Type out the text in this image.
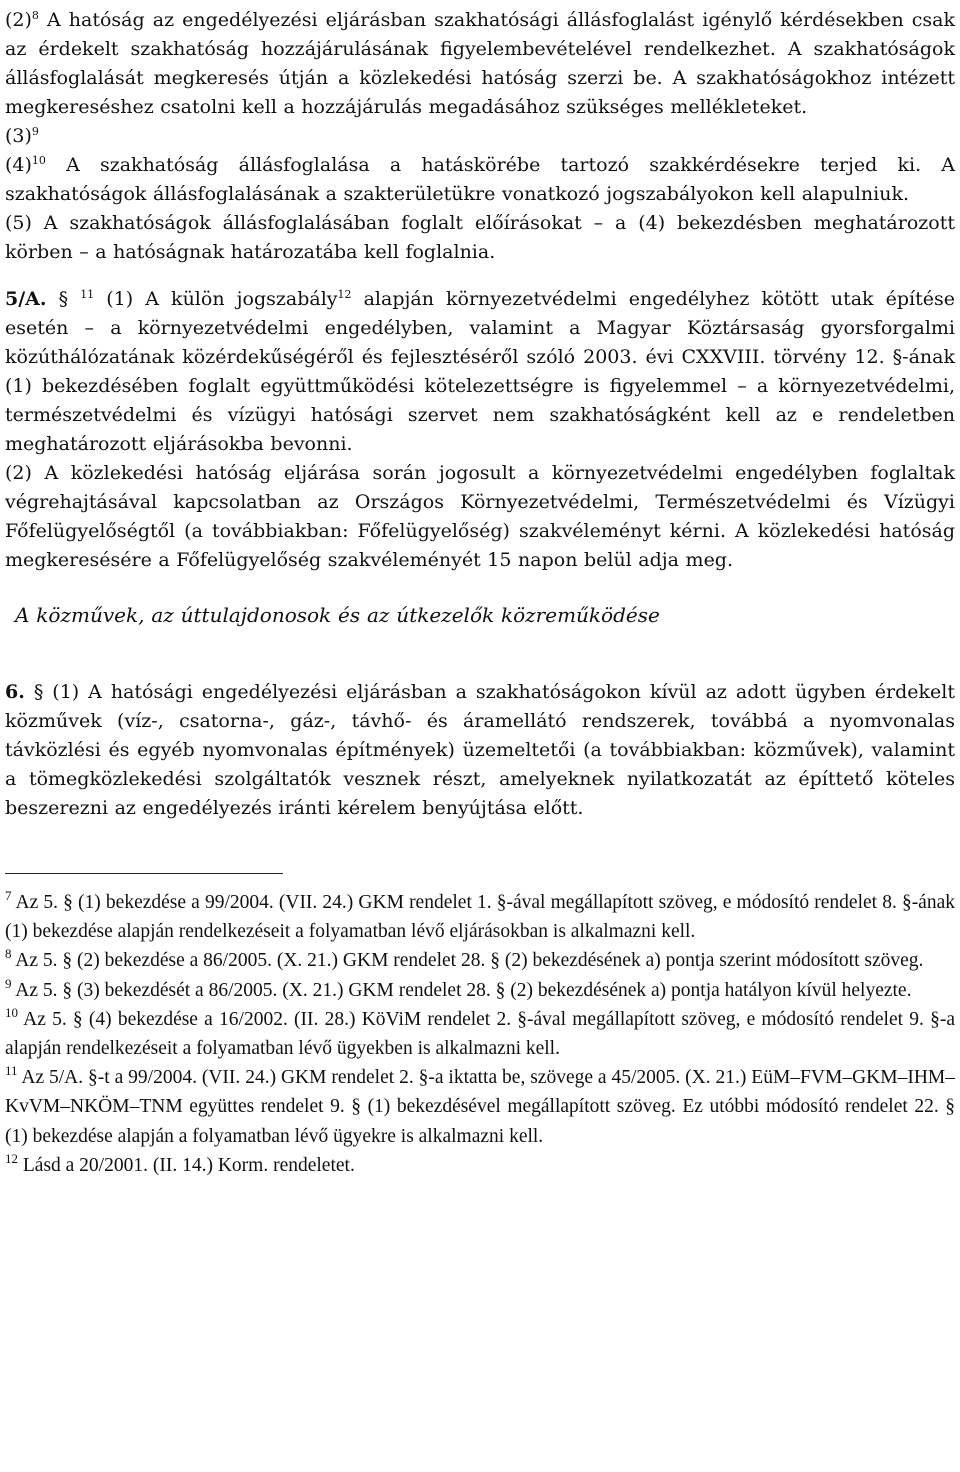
$(2)^8$ A hatóság az engedélyezési eljárásban szakhatósági állásfoglalást igénylő kérdésekben csak az érdekelt szakhatóság hozzájárulásának figyelembevételével rendelkezhet. A szakhatóságok állásfoglalását megkeresés útján a közlekedési hatóság szerzi be. A szakhatóságokhoz intézett megkereséshez csatolni kell a hozzájárulás megadásához szükséges mellékleteket.

$(3)^9$

$(4)^{10}$ A szakhatóság állásfoglalása a hatáskörébe tartozó szakkérdésekre terjed ki. A szakhatóságok állásfoglalásának a szakterületükre vonatkozó jogszabályokon kell alapulniuk.

(5) A szakhatóságok állásfoglalásában foglalt előírásokat – a (4) bekezdésben meghatározott körben – a hatóságnak határozatába kell foglalnia.

5/A. § $^{11}$ (1) A külön jogszabály$^{12}$ alapján környezetvédelmi engedélyhez kötött utak építése esetén – a környezetvédelmi engedélyben, valamint a Magyar Köztársaság gyorsforgalmi közúthálózatának közérdekűségéről és fejlesztéséről szóló 2003. évi CXXVIII. törvény 12. §-ának (1) bekezdésében foglalt együttműködési kötelezettségre is figyelemmel – a környezetvédelmi, természetvédelmi és vízügyi hatósági szervet nem szakhatóságként kell az e rendeletben meghatározott eljárásokba bevonni.

(2) A közlekedési hatóság eljárása során jogosult a környezetvédelmi engedélyben foglaltak végrehajtásával kapcsolatban az Országos Környezetvédelmi, Természetvédelmi és Vízügyi Főfelügyelőségtől (a továbbiakban: Főfelügyelőség) szakvéleményt kérni. A közlekedési hatóság megkeresésére a Főfelügyelőség szakvéleményét 15 napon belül adja meg.

A közművek, az úttulajdonosok és az útkezelők közreműködése

6. § (1) A hatósági engedélyezési eljárásban a szakhatóságokon kívül az adott ügyben érdekelt közművek (víz-, csatorna-, gáz-, távhő- és áramellátó rendszerek, továbbá a nyomvonalas távközlési és egyéb nyomvonalas építmények) üzemeltetői (a továbbiakban: közművek), valamint a tömegközlekedési szolgáltatók vesznek részt, amelyeknek nyilatkozatát az építtető köteles beszerezni az engedélyezés iránti kérelem benyújtása előtt.

$^7$ Az 5. § (1) bekezdése a 99/2004. (VII. 24.) GKM rendelet 1. §-ával megállapított szöveg, e módosító rendelet 8. §-ának (1) bekezdése alapján rendelkezéseit a folyamatban lévő eljárásokban is alkalmazni kell.

$^8$ Az 5. § (2) bekezdése a 86/2005. (X. 21.) GKM rendelet 28. § (2) bekezdésének a) pontja szerint módosított szöveg.

$^9$ Az 5. § (3) bekezdését a 86/2005. (X. 21.) GKM rendelet 28. § (2) bekezdésének a) pontja hatályon kívül helyezte.

$^{10}$ Az 5. § (4) bekezdése a 16/2002. (II. 28.) KöViM rendelet 2. §-ával megállapított szöveg, e módosító rendelet 9. §-a alapján rendelkezéseit a folyamatban lévő ügyekben is alkalmazni kell.

$^{11}$ Az 5/A. §-t a 99/2004. (VII. 24.) GKM rendelet 2. §-a iktatta be, szövege a 45/2005. (X. 21.) EüM–FVM–GKM–IHM–KvVM–NKÖM–TNM együttes rendelet 9. § (1) bekezdésével megállapított szöveg. Ez utóbbi módosító rendelet 22. § (1) bekezdése alapján a folyamatban lévő ügyekre is alkalmazni kell.

$^{12}$ Lásd a 20/2001. (II. 14.) Korm. rendeletet.
